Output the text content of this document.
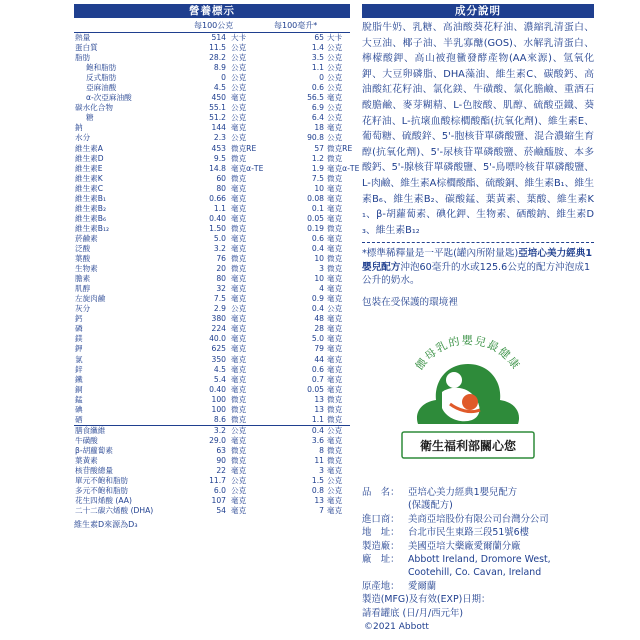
營養標示
每100公克	每100毫升*
熱量	514 大卡	65 大卡
蛋白質	11.5 公克	1.4 公克
脂肪	28.2 公克	3.5 公克
飽和脂肪	8.9 公克	1.1 公克
反式脂肪	0 公克	0 公克
亞麻油酸	4.5 公克	0.6 公克
α-次亞麻油酸	450 毫克	56.5 毫克
碳水化合物	55.1 公克	6.9 公克
糖	51.2 公克	6.4 公克
鈉	144 毫克	18 毫克
水分	2.3 公克	90.8 公克
維生素A	453 微克RE	57 微克RE
維生素D	9.5 微克	1.2 微克
維生素E	14.8 毫克α-TE	1.9 毫克α-TE
維生素K	60 微克	7.5 微克
維生素C	80 毫克	10 毫克
維生素B₁	0.66 毫克	0.08 毫克
維生素B₂	1.1 毫克	0.1 毫克
維生素B₆	0.40 毫克	0.05 毫克
維生素B₁₂	1.50 微克	0.19 微克
菸鹼素	5.0 毫克	0.6 毫克
泛酸	3.2 毫克	0.4 毫克
葉酸	76 微克	10 微克
生物素	20 微克	3 微克
膽素	80 毫克	10 毫克
肌醇	32 毫克	4 毫克
左旋肉鹼	7.5 毫克	0.9 毫克
灰分	2.9 公克	0.4 公克
鈣	380 毫克	48 毫克
磷	224 毫克	28 毫克
鎂	40.0 毫克	5.0 毫克
鉀	625 毫克	79 毫克
氯	350 毫克	44 毫克
鋅	4.5 毫克	0.6 毫克
鐵	5.4 毫克	0.7 毫克
銅	0.40 毫克	0.05 毫克
錳	100 微克	13 微克
碘	100 微克	13 微克
硒	8.6 微克	1.1 微克
膳食纖維	3.2 公克	0.4 公克
牛磺酸	29.0 毫克	3.6 毫克
β-胡蘿蔔素	63 微克	8 微克
葉黃素	90 微克	11 微克
核苷酸總量	22 毫克	3 毫克
單元不飽和脂肪	11.7 公克	1.5 公克
多元不飽和脂肪	6.0 公克	0.8 公克
花生四烯酸 (AA)	107 毫克	13 毫克
二十二碳六烯酸 (DHA)	54 毫克	7 毫克
維生素D來源為D₃
成分說明
脫脂牛奶、乳糖、高油酸葵花籽油、濃縮乳清蛋白、大豆油、椰子油、半乳寡醣(GOS)、水解乳清蛋白、檸檬酸鉀、高山被孢黴發酵產物(AA來源)、氫氧化鉀、大豆卵磷脂、DHA藻油、維生素C、碳酸鈣、高油酸紅花籽油、氯化鎂、牛磺酸、氯化膽鹼、重酒石酸膽鹼、麥芽糊精、L-色胺酸、肌醇、硫酸亞鐵、葵花籽油、L-抗壞血酸棕櫚酸酯(抗氧化劑)、維生素E、葡萄糖、硫酸鋅、5'-胞核苷單磷酸鹽、混合濃縮生育醇(抗氧化劑)、5'-尿核苷單磷酸鹽、菸鹼醯胺、本多酸鈣、5'-腺核苷單磷酸鹽、5'-鳥嘌呤核苷單磷酸鹽、L-肉鹼、維生素A棕櫚酸酯、硫酸銅、維生素B₁、維生素B₆、維生素B₂、碳酸錳、葉黃素、葉酸、維生素K₁、β-胡蘿蔔素、碘化鉀、生物素、硒酸鈉、維生素D₃、維生素B₁₂
*標準稀釋量是一平匙(罐內所附量匙)亞培心美力經典1嬰兒配方沖泡60毫升的水或125.6公克的配方沖泡成1公升的奶水。
包裝在受保護的環境裡
餵母乳的嬰兒最健康
衛生福利部關心您
品　名： 亞培心美力經典1嬰兒配方
(保護配方)
進口商： 美商亞培股份有限公司台灣分公司
地　址： 台北市民生東路三段51號6樓
製造廠： 美國亞培大藥廠愛爾蘭分廠
廠　址： Abbott Ireland, Dromore West,
Cootehill, Co. Cavan, Ireland
原產地： 愛爾蘭
製造(MFG)及有效(EXP)日期：
請看罐底 (日/月/西元年)
©2021 Abbott
